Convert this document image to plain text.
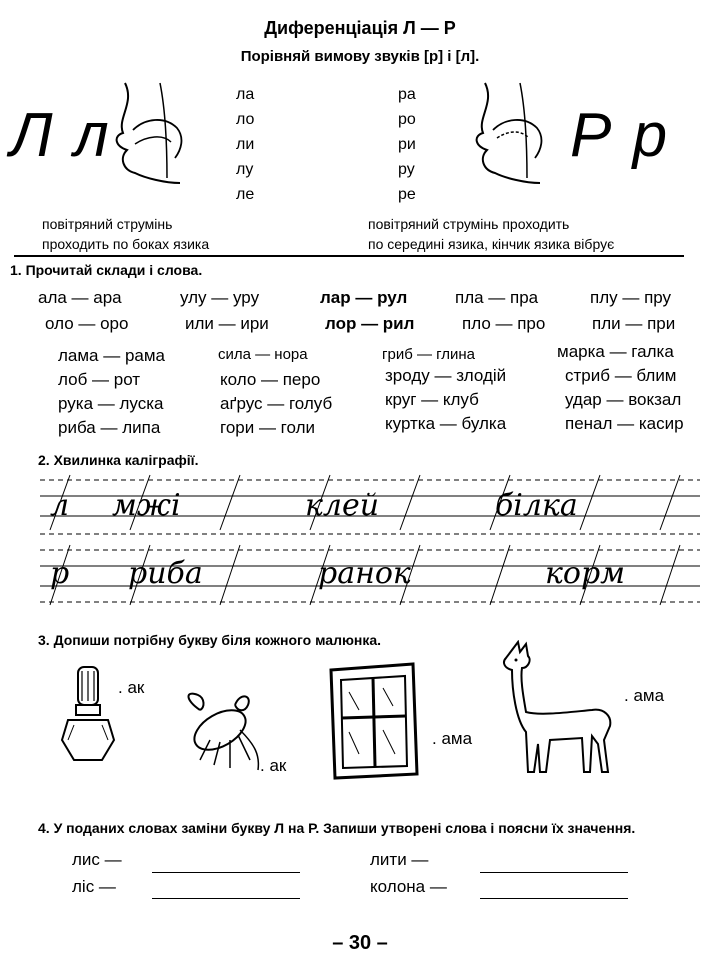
Диференціація Л — Р
Порівняй вимову звуків [р] і [л].
Л л	Р р
ла
ло
ли
лу
ле
ра
ро
ри
ру
ре
повітряний струмінь
проходить по боках язика
повітряний струмінь проходить
по середині язика, кінчик язика вібрує
1. Прочитай склади і слова.
ала — ара	улу — уру	лар — рул	пла — пра	плу — пру
оло — оро	или — ири	лор — рил	пло — про	пли — при
лама — рама	сила — нора	гриб — глина	марка — галка
лоб — рот	коло — перо	зроду — злодій	стриб — блим
рука — луска	аґрус — голуб	круг — клуб	удар — вокзал
риба — липа	гори — голи	куртка — булка	пенал — касир
2. Хвилинка каліграфії.
л мжі	клей	білка
р риба	ранок	корм
3. Допиши потрібну букву біля кожного малюнка.
. ак
. ак
. ама
. ама
4. У поданих словах заміни букву Л на Р. Запиши утворені слова і поясни їх значення.
лис —
ліс —
лити —
колона —
– 30 –
